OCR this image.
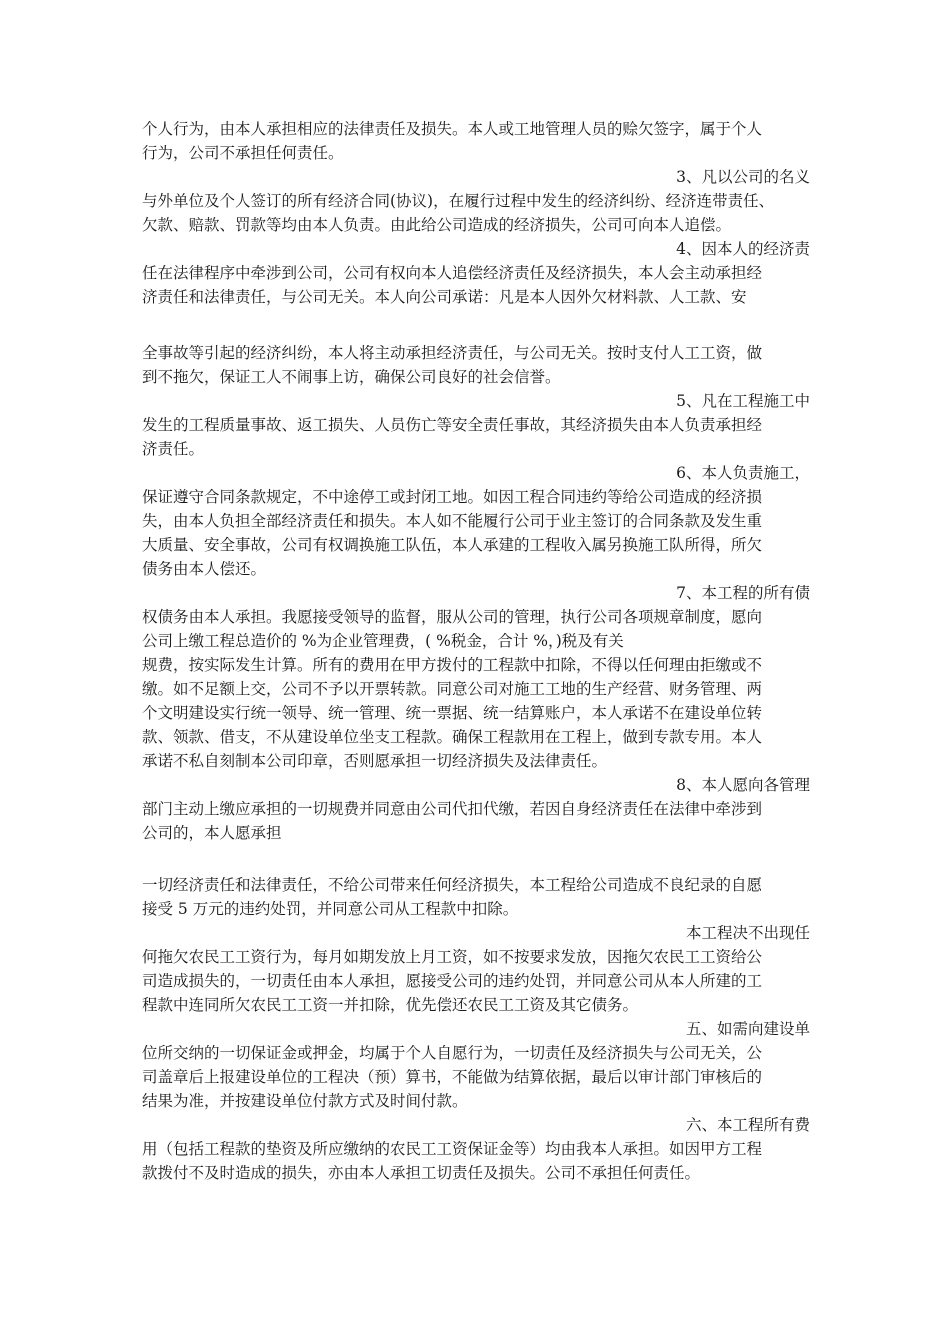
个人行为，由本人承担相应的法律责任及损失。本人或工地管理人员的赊欠签字，属于个人
行为，公司不承担任何责任。
3、凡以公司的名义
与外单位及个人签订的所有经济合同(协议)，在履行过程中发生的经济纠纷、经济连带责任、
欠款、赔款、罚款等均由本人负责。由此给公司造成的经济损失，公司可向本人追偿。
4、因本人的经济责
任在法律程序中牵涉到公司，公司有权向本人追偿经济责任及经济损失，本人会主动承担经
济责任和法律责任，与公司无关。本人向公司承诺：凡是本人因外欠材料款、人工款、安
全事故等引起的经济纠纷，本人将主动承担经济责任，与公司无关。按时支付人工工资，做
到不拖欠，保证工人不闹事上访，确保公司良好的社会信誉。
5、凡在工程施工中
发生的工程质量事故、返工损失、人员伤亡等安全责任事故，其经济损失由本人负责承担经
济责任。
6、本人负责施工，
保证遵守合同条款规定，不中途停工或封闭工地。如因工程合同违约等给公司造成的经济损
失，由本人负担全部经济责任和损失。本人如不能履行公司于业主签订的合同条款及发生重
大质量、安全事故，公司有权调换施工队伍，本人承建的工程收入属另换施工队所得，所欠
债务由本人偿还。
7、本工程的所有债
权债务由本人承担。我愿接受领导的监督，服从公司的管理，执行公司各项规章制度，愿向
公司上缴工程总造价的 %为企业管理费，( %税金，合计 %，)税及有关
规费，按实际发生计算。所有的费用在甲方拨付的工程款中扣除，不得以任何理由拒缴或不
缴。如不足额上交，公司不予以开票转款。同意公司对施工工地的生产经营、财务管理、两
个文明建设实行统一领导、统一管理、统一票据、统一结算账户，本人承诺不在建设单位转
款、领款、借支，不从建设单位坐支工程款。确保工程款用在工程上，做到专款专用。本人
承诺不私自刻制本公司印章，否则愿承担一切经济损失及法律责任。
8、本人愿向各管理
部门主动上缴应承担的一切规费并同意由公司代扣代缴，若因自身经济责任在法律中牵涉到
公司的，本人愿承担
一切经济责任和法律责任，不给公司带来任何经济损失，本工程给公司造成不良纪录的自愿
接受 5 万元的违约处罚，并同意公司从工程款中扣除。
本工程决不出现任
何拖欠农民工工资行为，每月如期发放上月工资，如不按要求发放，因拖欠农民工工资给公
司造成损失的，一切责任由本人承担，愿接受公司的违约处罚，并同意公司从本人所建的工
程款中连同所欠农民工工资一并扣除，优先偿还农民工工资及其它债务。
五、如需向建设单
位所交纳的一切保证金或押金，均属于个人自愿行为，一切责任及经济损失与公司无关，公
司盖章后上报建设单位的工程决（预）算书，不能做为结算依据，最后以审计部门审核后的
结果为准，并按建设单位付款方式及时间付款。
六、本工程所有费
用（包括工程款的垫资及所应缴纳的农民工工资保证金等）均由我本人承担。如因甲方工程
款拨付不及时造成的损失，亦由本人承担工切责任及损失。公司不承担任何责任。
